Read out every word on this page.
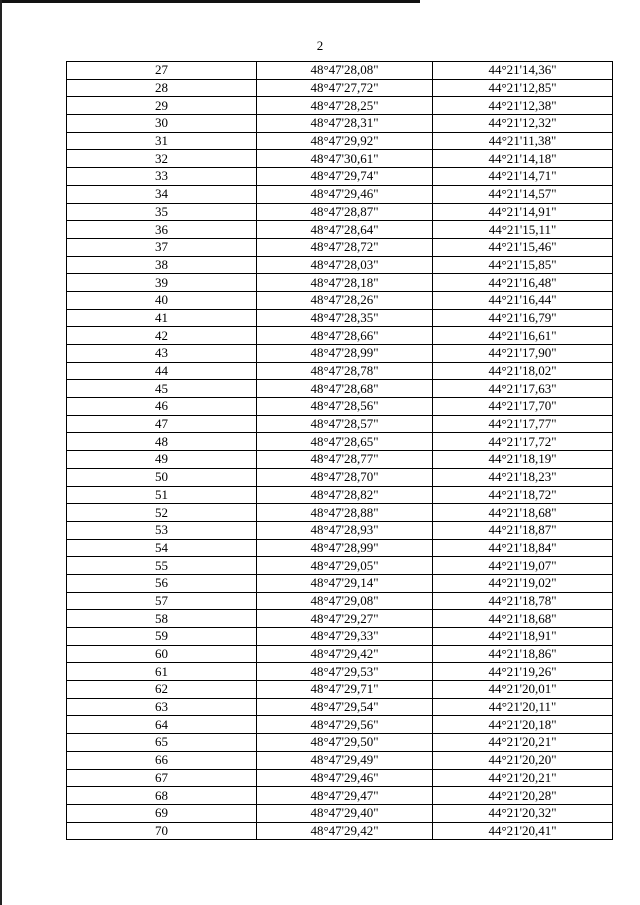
2
27	48°47'28,08"	44°21'14,36"
28	48°47'27,72"	44°21'12,85"
29	48°47'28,25"	44°21'12,38"
30	48°47'28,31"	44°21'12,32"
31	48°47'29,92"	44°21'11,38"
32	48°47'30,61"	44°21'14,18"
33	48°47'29,74"	44°21'14,71"
34	48°47'29,46"	44°21'14,57"
35	48°47'28,87"	44°21'14,91"
36	48°47'28,64"	44°21'15,11"
37	48°47'28,72"	44°21'15,46"
38	48°47'28,03"	44°21'15,85"
39	48°47'28,18"	44°21'16,48"
40	48°47'28,26"	44°21'16,44"
41	48°47'28,35"	44°21'16,79"
42	48°47'28,66"	44°21'16,61"
43	48°47'28,99"	44°21'17,90"
44	48°47'28,78"	44°21'18,02"
45	48°47'28,68"	44°21'17,63"
46	48°47'28,56"	44°21'17,70"
47	48°47'28,57"	44°21'17,77"
48	48°47'28,65"	44°21'17,72"
49	48°47'28,77"	44°21'18,19"
50	48°47'28,70"	44°21'18,23"
51	48°47'28,82"	44°21'18,72"
52	48°47'28,88"	44°21'18,68"
53	48°47'28,93"	44°21'18,87"
54	48°47'28,99"	44°21'18,84"
55	48°47'29,05"	44°21'19,07"
56	48°47'29,14"	44°21'19,02"
57	48°47'29,08"	44°21'18,78"
58	48°47'29,27"	44°21'18,68"
59	48°47'29,33"	44°21'18,91"
60	48°47'29,42"	44°21'18,86"
61	48°47'29,53"	44°21'19,26"
62	48°47'29,71"	44°21'20,01"
63	48°47'29,54"	44°21'20,11"
64	48°47'29,56"	44°21'20,18"
65	48°47'29,50"	44°21'20,21"
66	48°47'29,49"	44°21'20,20"
67	48°47'29,46"	44°21'20,21"
68	48°47'29,47"	44°21'20,28"
69	48°47'29,40"	44°21'20,32"
70	48°47'29,42"	44°21'20,41"
